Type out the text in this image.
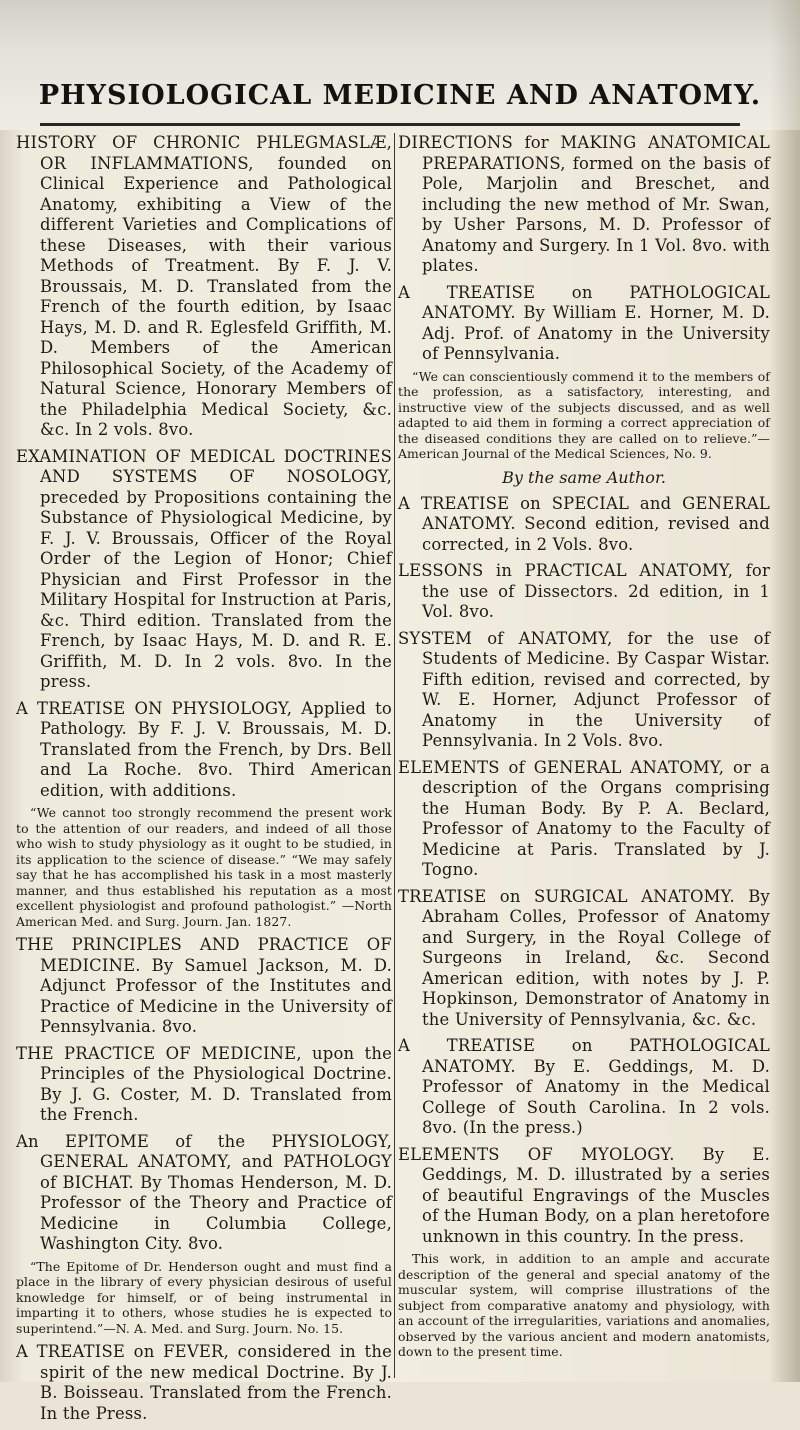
PHYSIOLOGICAL MEDICINE AND ANATOMY.

HISTORY OF CHRONIC PHLEGMASLÆ, OR INFLAMMATIONS, founded on Clinical Experience and Pathological Anatomy, exhibiting a View of the different Varieties and Complications of these Diseases, with their various Methods of Treatment. By F. J. V. Broussais, M. D. Translated from the French of the fourth edition, by Isaac Hays, M. D. and R. Eglesfeld Griffith, M. D. Members of the American Philosophical Society, of the Academy of Natural Science, Honorary Members of the Philadelphia Medical Society, &c. &c. In 2 vols. 8vo.

EXAMINATION OF MEDICAL DOCTRINES AND SYSTEMS OF NOSOLOGY, preceded by Propositions containing the Substance of Physiological Medicine, by F. J. V. Broussais, Officer of the Royal Order of the Legion of Honor; Chief Physician and First Professor in the Military Hospital for Instruction at Paris, &c. Third edition. Translated from the French, by Isaac Hays, M. D. and R. E. Griffith, M. D. In 2 vols. 8vo. In the press.

A TREATISE ON PHYSIOLOGY, Applied to Pathology. By F. J. V. Broussais, M. D. Translated from the French, by Drs. Bell and La Roche. 8vo. Third American edition, with additions.

“We cannot too strongly recommend the present work to the attention of our readers, and indeed of all those who wish to study physiology as it ought to be studied, in its application to the science of disease.” “We may safely say that he has accomplished his task in a most masterly manner, and thus established his reputation as a most excellent physiologist and profound pathologist.” —North American Med. and Surg. Journ. Jan. 1827.

THE PRINCIPLES AND PRACTICE OF MEDICINE. By Samuel Jackson, M. D. Adjunct Professor of the Institutes and Practice of Medicine in the University of Pennsylvania. 8vo.

THE PRACTICE OF MEDICINE, upon the Principles of the Physiological Doctrine. By J. G. Coster, M. D. Translated from the French.

An EPITOME of the PHYSIOLOGY, GENERAL ANATOMY, and PATHOLOGY of BICHAT. By Thomas Henderson, M. D. Professor of the Theory and Practice of Medicine in Columbia College, Washington City. 8vo.

“The Epitome of Dr. Henderson ought and must find a place in the library of every physician desirous of useful knowledge for himself, or of being instrumental in imparting it to others, whose studies he is expected to superintend.”—N. A. Med. and Surg. Journ. No. 15.

A TREATISE on FEVER, considered in the spirit of the new medical Doctrine. By J. B. Boisseau. Translated from the French. In the Press.

DIRECTIONS for MAKING ANATOMICAL PREPARATIONS, formed on the basis of Pole, Marjolin and Breschet, and including the new method of Mr. Swan, by Usher Parsons, M. D. Professor of Anatomy and Surgery. In 1 Vol. 8vo. with plates.

A TREATISE on PATHOLOGICAL ANATOMY. By William E. Horner, M. D. Adj. Prof. of Anatomy in the University of Pennsylvania.

“We can conscientiously commend it to the members of the profession, as a satisfactory, interesting, and instructive view of the subjects discussed, and as well adapted to aid them in forming a correct appreciation of the diseased conditions they are called on to relieve.”—American Journal of the Medical Sciences, No. 9.

By the same Author.

A TREATISE on SPECIAL and GENERAL ANATOMY. Second edition, revised and corrected, in 2 Vols. 8vo.

LESSONS in PRACTICAL ANATOMY, for the use of Dissectors. 2d edition, in 1 Vol. 8vo.

SYSTEM of ANATOMY, for the use of Students of Medicine. By Caspar Wistar. Fifth edition, revised and corrected, by W. E. Horner, Adjunct Professor of Anatomy in the University of Pennsylvania. In 2 Vols. 8vo.

ELEMENTS of GENERAL ANATOMY, or a description of the Organs comprising the Human Body. By P. A. Beclard, Professor of Anatomy to the Faculty of Medicine at Paris. Translated by J. Togno.

TREATISE on SURGICAL ANATOMY. By Abraham Colles, Professor of Anatomy and Surgery, in the Royal College of Surgeons in Ireland, &c. Second American edition, with notes by J. P. Hopkinson, Demonstrator of Anatomy in the University of Pennsylvania, &c. &c.

A TREATISE on PATHOLOGICAL ANATOMY. By E. Geddings, M. D. Professor of Anatomy in the Medical College of South Carolina. In 2 vols. 8vo. (In the press.)

ELEMENTS OF MYOLOGY. By E. Geddings, M. D. illustrated by a series of beautiful Engravings of the Muscles of the Human Body, on a plan heretofore unknown in this country. In the press.

This work, in addition to an ample and accurate description of the general and special anatomy of the muscular system, will comprise illustrations of the subject from comparative anatomy and physiology, with an account of the irregularities, variations and anomalies, observed by the various ancient and modern anatomists, down to the present time.
